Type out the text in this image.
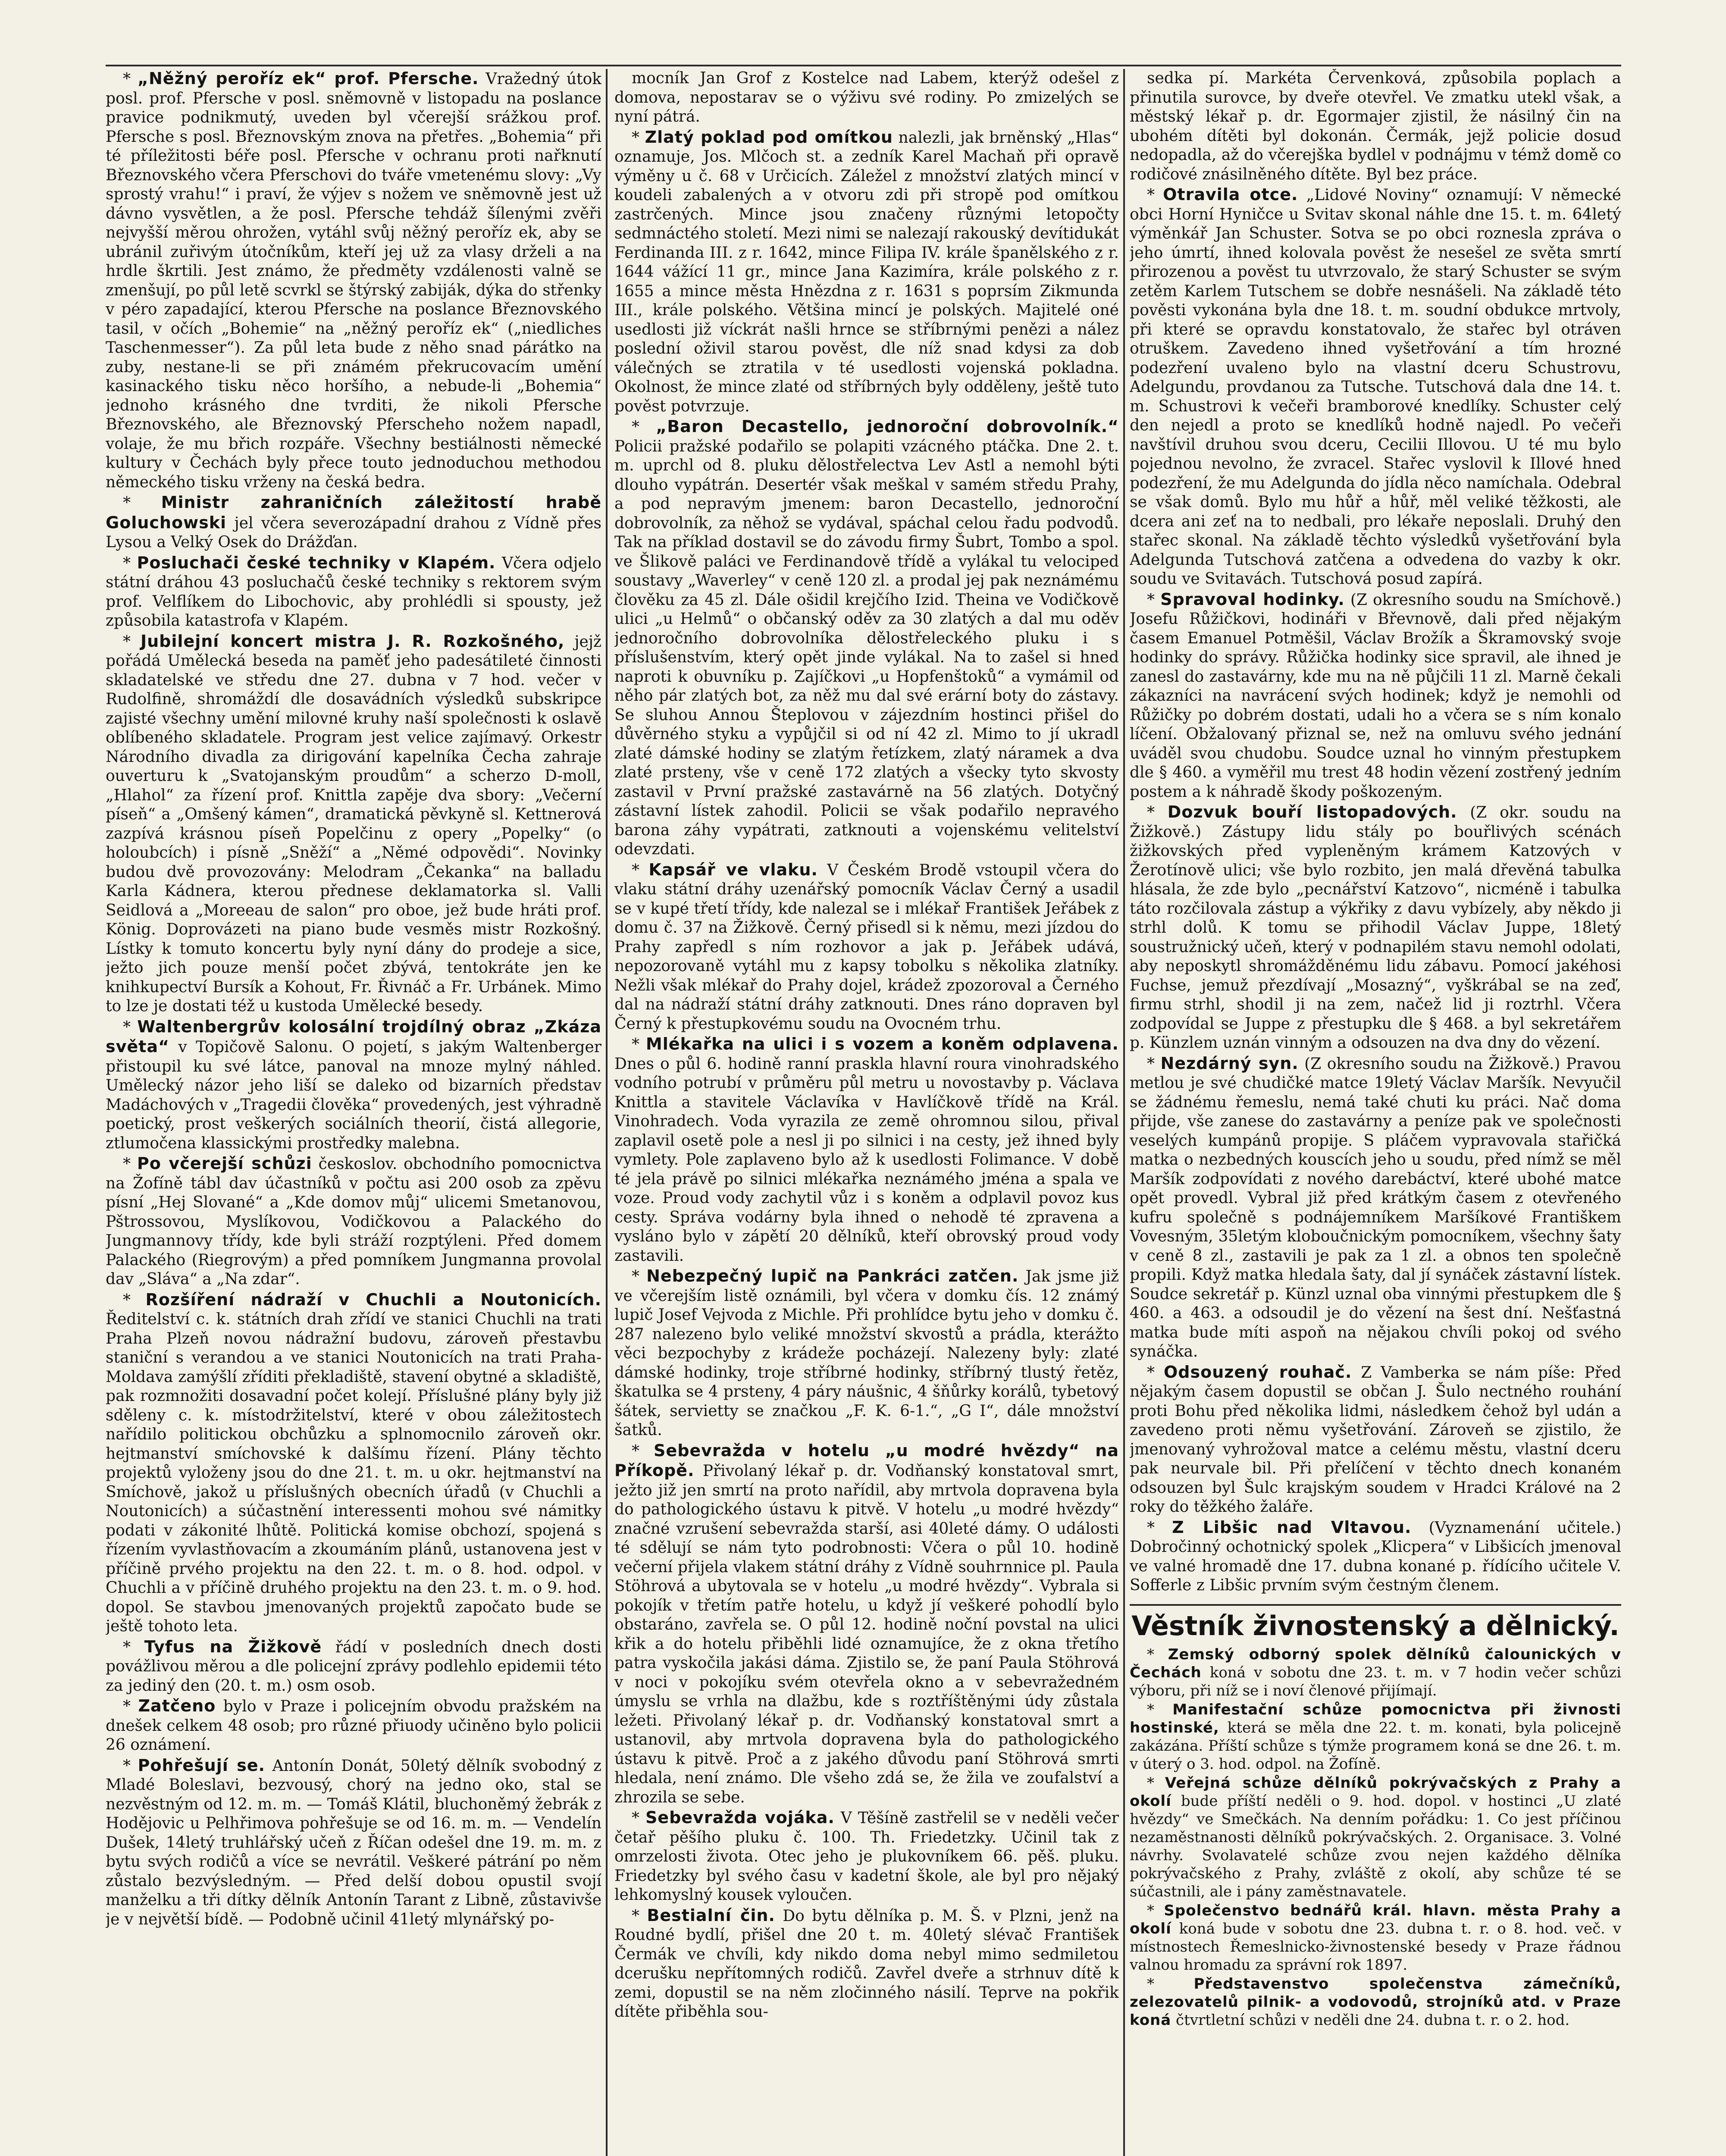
* „Něžný peroříz ek“ prof. Pfersche. Vražedný útok posl. prof. Pfersche v posl. sněmovně v listopadu na poslance pravice podnikmutý, uveden byl včerejší srážkou prof. Pfersche s posl. Březnovským znova na přetřes. „Bohemia“ při té příležitosti béře posl. Pfersche v ochranu proti nařknutí Březnovského včera Pferschovi do tváře vmetenému slovy: „Vy sprostý vrahu!“ i praví, že výjev s nožem ve sněmovně jest už dávno vysvětlen, a že posl. Pfersche tehdáž šílenými zvěři nejvyšší měrou ohrožen, vytáhl svůj něžný peroříz ek, aby se ubránil zuřivým útočníkům, kteří jej už za vlasy drželi a na hrdle škrtili. Jest známo, že předměty vzdálenosti valně se zmenšují, po půl letě scvrkl se štýrský zabiják, dýka do střenky v péro zapadající, kterou Pfersche na poslance Březnovského tasil, v očích „Bohemie“ na „něžný peroříz ek“ („niedliches Taschenmesser“). Za půl leta bude z něho snad párátko na zuby, nestane-li se při známém překrucovacím umění kasinackého tisku něco horšího, a nebude-li „Bohemia“ jednoho krásného dne tvrditi, že nikoli Pfersche Březnovského, ale Březnovský Pferscheho nožem napadl, volaje, že mu břich rozpáře. Všechny bestiálnosti německé kultury v Čechách byly přece touto jednoduchou methodou německého tisku vrženy na česká bedra.

* Ministr zahraničních záležitostí hrabě Goluchowski jel včera severozápadní drahou z Vídně přes Lysou a Velký Osek do Drážďan.

* Posluchači české techniky v Klapém. Včera odjelo státní dráhou 43 posluchačů české techniky s rektorem svým prof. Velflíkem do Libochovic, aby prohlédli si spousty, jež způsobila katastrofa v Klapém.

* Jubilejní koncert mistra J. R. Rozkošného, jejž pořádá Umělecká beseda na paměť jeho padesátileté činnosti skladatelské ve středu dne 27. dubna v 7 hod. večer v Rudolfině, shromáždí dle dosavádních výsledků subskripce zajisté všechny umění milovné kruhy naší společnosti k oslavě oblíbeného skladatele. Program jest velice zajímavý. Orkestr Národního divadla za dirigování kapelníka Čecha zahraje ouverturu k „Svatojanským proudům“ a scherzo D-moll, „Hlahol“ za řízení prof. Knittla zapěje dva sbory: „Večerní píseň“ a „Omšený kámen“, dramatická pěvkyně sl. Kettnerová zazpívá krásnou píseň Popelčinu z opery „Popelky“ (o holoubcích) i písně „Sněží“ a „Němé odpovědi“. Novinky budou dvě provozovány: Melodram „Čekanka“ na balladu Karla Kádnera, kterou přednese deklamatorka sl. Valli Seidlová a „Moreeau de salon“ pro oboe, jež bude hráti prof. König. Doprovázeti na piano bude vesměs mistr Rozkošný. Lístky k tomuto koncertu byly nyní dány do prodeje a sice, ježto jich pouze menší počet zbývá, tentokráte jen ke knihkupectví Bursík a Kohout, Fr. Řivnáč a Fr. Urbánek. Mimo to lze je dostati též u kustoda Umělecké besedy.

* Waltenbergrův kolosální trojdílný obraz „Zkáza světa“ v Topičově Salonu. O pojetí, s jakým Waltenberger přistoupil ku své látce, panoval na mnoze mylný náhled. Umělecký názor jeho liší se daleko od bizarních představ Madáchových v „Tragedii člověka“ provedených, jest výhradně poetický, prost veškerých sociálních theorií, čistá allegorie, ztlumočena klassickými prostředky malebna.

* Po včerejší schůzi českoslov. obchodního pomocnictva na Žofíně tábl dav účastníků v počtu asi 200 osob za zpěvu písní „Hej Slované“ a „Kde domov můj“ ulicemi Smetanovou, Pštrossovou, Myslíkovou, Vodičkovou a Palackého do Jungmannovy třídy, kde byli stráží rozptýleni. Před domem Palackého (Riegrovým) a před pomníkem Jungmanna provolal dav „Sláva“ a „Na zdar“.

* Rozšíření nádraží v Chuchli a Noutonicích. Ředitelství c. k. státních drah zřídí ve stanici Chuchli na trati Praha Plzeň novou nádražní budovu, zároveň přestavbu staniční s verandou a ve stanici Noutonicích na trati Praha-Moldava zamýšlí zříditi překladiště, stavení obytné a skladiště, pak rozmnožiti dosavadní počet kolejí. Příslušné plány byly již sděleny c. k. místodržitelství, které v obou záležitostech nařídilo politickou obchůzku a splnomocnilo zároveň okr. hejtmanství smíchovské k dalšímu řízení. Plány těchto projektů vyloženy jsou do dne 21. t. m. u okr. hejtmanství na Smíchově, jakož u příslušných obecních úřadů (v Chuchli a Noutonicích) a súčastnění interessenti mohou své námitky podati v zákonité lhůtě. Politická komise obchozí, spojená s řízením vyvlastňovacím a zkoumáním plánů, ustanovena jest v příčině prvého projektu na den 22. t. m. o 8. hod. odpol. v Chuchli a v příčině druhého projektu na den 23. t. m. o 9. hod. dopol. Se stavbou jmenovaných projektů započato bude se ještě tohoto leta.

* Tyfus na Žižkově řádí v posledních dnech dosti povážlivou měrou a dle policejní zprávy podlehlo epidemii této za jediný den (20. t. m.) osm osob.

* Zatčeno bylo v Praze i policejním obvodu pražském na dnešek celkem 48 osob; pro různé přiuody učiněno bylo policii 26 oznámení.

* Pohřešují se. Antonín Donát, 50letý dělník svobodný z Mladé Boleslavi, bezvousý, chorý na jedno oko, stal se nezvěstným od 12. m. m. — Tomáš Klátil, bluchoněmý žebrák z Hodějovic u Pelhřimova pohřešuje se od 16. m. m. — Vendelín Dušek, 14letý truhlářský učeň z Říčan odešel dne 19. m. m. z bytu svých rodičů a více se nevrátil. Veškeré pátrání po něm zůstalo bezvýsledným. — Před delší dobou opustil svojí manželku a tři dítky dělník Antonín Tarant z Libně, zůstavivše je v největší bídě. — Podobně učinil 41letý mlynářský po-

mocník Jan Grof z Kostelce nad Labem, kterýž odešel z domova, nepostarav se o výživu své rodiny. Po zmizelých se nyní pátrá.

* Zlatý poklad pod omítkou nalezli, jak brněnský „Hlas“ oznamuje, Jos. Mlčoch st. a zedník Karel Machaň při opravě výměny u č. 68 v Určicích. Záležel z množství zlatých mincí v koudeli zabalených a v otvoru zdi při stropě pod omítkou zastrčených. Mince jsou značeny různými letopočty sedmnáctého století. Mezi nimi se nalezají rakouský devítidukát Ferdinanda III. z r. 1642, mince Filipa IV. krále španělského z r. 1644 vážící 11 gr., mince Jana Kazimíra, krále polského z r. 1655 a mince města Hnězdna z r. 1631 s poprsím Zikmunda III., krále polského. Většina mincí je polských. Majitelé oné usedlosti již víckrát našli hrnce se stříbrnými penězi a nález poslední oživil starou pověst, dle níž snad kdysi za dob válečných se ztratila v té usedlosti vojenská pokladna. Okolnost, že mince zlaté od stříbrných byly odděleny, ještě tuto pověst potvrzuje.

* „Baron Decastello, jednoroční dobrovolník.“ Policii pražské podařilo se polapiti vzácného ptáčka. Dne 2. t. m. uprchl od 8. pluku dělostřelectva Lev Astl a nemohl býti dlouho vypátrán. Desertér však meškal v samém středu Prahy, a pod nepravým jmenem: baron Decastello, jednoroční dobrovolník, za něhož se vydával, spáchal celou řadu podvodů. Tak na příklad dostavil se do závodu firmy Šubrt, Tombo a spol. ve Šlikově paláci ve Ferdinandově třídě a vylákal tu velociped soustavy „Waverley“ v ceně 120 zl. a prodal jej pak neznámému člověku za 45 zl. Dále ošidil krejčího Izid. Theina ve Vodičkově ulici „u Helmů“ o občanský oděv za 30 zlatých a dal mu oděv jednoročního dobrovolníka dělostřeleckého pluku i s příslušenstvím, který opět jinde vylákal. Na to zašel si hned naproti k obuvníku p. Zajíčkovi „u Hopfenštoků“ a vymámil od něho pár zlatých bot, za něž mu dal své erární boty do zástavy. Se sluhou Annou Šteplovou v zájezdním hostinci přišel do důvěrného styku a vypůjčil si od ní 42 zl. Mimo to jí ukradl zlaté dámské hodiny se zlatým řetízkem, zlatý náramek a dva zlaté prsteny, vše v ceně 172 zlatých a všecky tyto skvosty zastavil v První pražské zastavárně na 56 zlatých. Dotyčný zástavní lístek zahodil. Policii se však podařilo nepravého barona záhy vypátrati, zatknouti a vojenskému velitelství odevzdati.

* Kapsář ve vlaku. V Českém Brodě vstoupil včera do vlaku státní dráhy uzenářský pomocník Václav Černý a usadil se v kupé třetí třídy, kde nalezal se i mlékař František Jeřábek z domu č. 37 na Žižkově. Černý přisedl si k němu, mezi jízdou do Prahy zapředl s ním rozhovor a jak p. Jeřábek udává, nepozorovaně vytáhl mu z kapsy tobolku s několika zlatníky. Nežli však mlékař do Prahy dojel, krádež zpozoroval a Černého dal na nádraží státní dráhy zatknouti. Dnes ráno dopraven byl Černý k přestupkovému soudu na Ovocném trhu.

* Mlékařka na ulici i s vozem a koněm odplavena. Dnes o půl 6. hodině ranní praskla hlavní roura vinohradského vodního potrubí v průměru půl metru u novostavby p. Václava Knittla a stavitele Václavíka v Havlíčkově třídě na Král. Vinohradech. Voda vyrazila ze země ohromnou silou, přival zaplavil osetě pole a nesl ji po silnici i na cesty, jež ihned byly vymlety. Pole zaplaveno bylo až k usedlosti Folimance. V době té jela právě po silnici mlékařka neznámého jména a spala ve voze. Proud vody zachytil vůz i s koněm a odplavil povoz kus cesty. Správa vodárny byla ihned o nehodě té zpravena a vysláno bylo v zápětí 20 dělníků, kteří obrovský proud vody zastavili.

* Nebezpečný lupič na Pankráci zatčen. Jak jsme již ve včerejším listě oznámili, byl včera v domku čís. 12 známý lupič Josef Vejvoda z Michle. Při prohlídce bytu jeho v domku č. 287 nalezeno bylo veliké množství skvostů a prádla, kterážto věci bezpochyby z krádeže pocházejí. Nalezeny byly: zlaté dámské hodinky, troje stříbrné hodinky, stříbrný tlustý řetěz, škatulka se 4 prsteny, 4 páry náušnic, 4 šňůrky korálů, tybetový šátek, servietty se značkou „F. K. 6-1.“, „G I“, dále množství šatků.

* Sebevražda v hotelu „u modré hvězdy“ na Příkopě. Přivolaný lékař p. dr. Vodňanský konstatoval smrt, ježto již jen smrtí na proto nařídil, aby mrtvola dopravena byla do pathologického ústavu k pitvě. V hotelu „u modré hvězdy“ značné vzrušení sebevražda starší, asi 40leté dámy. O události té sdělují se nám tyto podrobnosti: Včera o půl 10. hodině večerní přijela vlakem státní dráhy z Vídně souhrnnice pl. Paula Stöhrová a ubytovala se v hotelu „u modré hvězdy“. Vybrala si pokojík v třetím patře hotelu, u když jí veškeré pohodlí bylo obstaráno, zavřela se. O půl 12. hodině noční povstal na ulici křik a do hotelu přiběhli lidé oznamujíce, že z okna třetího patra vyskočila jakási dáma. Zjistilo se, že paní Paula Stöhrová v noci v pokojíku svém otevřela okno a v sebevražedném úmyslu se vrhla na dlažbu, kde s roztříštěnými údy zůstala ležeti. Přivolaný lékař p. dr. Vodňanský konstatoval smrt a ustanovil, aby mrtvola dopravena byla do pathologického ústavu k pitvě. Proč a z jakého důvodu paní Stöhrová smrti hledala, není známo. Dle všeho zdá se, že žila ve zoufalství a zhrozila se sebe.

* Sebevražda vojáka. V Těšíně zastřelil se v neděli večer četař pěšího pluku č. 100. Th. Friedetzky. Učinil tak z omrzelosti života. Otec jeho je plukovníkem 66. pěš. pluku. Friedetzky byl svého času v kadetní škole, ale byl pro nějaký lehkomyslný kousek vyloučen.

* Bestialní čin. Do bytu dělníka p. M. Š. v Plzni, jenž na Roudné bydlí, přišel dne 20 t. m. 40letý slévač František Čermák ve chvíli, kdy nikdo doma nebyl mimo sedmiletou dcerušku nepřítomných rodičů. Zavřel dveře a strhnuv dítě k zemi, dopustil se na něm zločinného násilí. Teprve na pokřik dítěte přiběhla sou-

sedka pí. Markéta Červenková, způsobila poplach a přinutila surovce, by dveře otevřel. Ve zmatku utekl však, a městský lékař p. dr. Egormajer zjistil, že násilný čin na ubohém dítěti byl dokonán. Čermák, jejž policie dosud nedopadla, až do včerejška bydlel v podnájmu v témž domě co rodičové znásilněného dítěte. Byl bez práce.

* Otravila otce. „Lidové Noviny“ oznamují: V německé obci Horní Hyničce u Svitav skonal náhle dne 15. t. m. 64letý výměnkář Jan Schuster. Sotva se po obci roznesla zpráva o jeho úmrtí, ihned kolovala pověst že nesešel ze světa smrtí přirozenou a pověst tu utvrzovalo, že starý Schuster se svým zetěm Karlem Tutschem se dobře nesnášeli. Na základě této pověsti vykonána byla dne 18. t. m. soudní obdukce mrtvoly, při které se opravdu konstatovalo, že stařec byl otráven otruškem. Zavedeno ihned vyšetřování a tím hrozné podezření uvaleno bylo na vlastní dceru Schustrovu, Adelgundu, provdanou za Tutsche. Tutschová dala dne 14. t. m. Schustrovi k večeři bramborové knedlíky. Schuster celý den nejedl a proto se knedlíků hodně najedl. Po večeři navštívil druhou svou dceru, Cecilii Illovou. U té mu bylo pojednou nevolno, že zvracel. Stařec vyslovil k Illové hned podezření, že mu Adelgunda do jídla něco namíchala. Odebral se však domů. Bylo mu hůř a hůř, měl veliké těžkosti, ale dcera ani zeť na to nedbali, pro lékaře neposlali. Druhý den stařec skonal. Na základě těchto výsledků vyšetřování byla Adelgunda Tutschová zatčena a odvedena do vazby k okr. soudu ve Svitavách. Tutschová posud zapírá.

* Spravoval hodinky. (Z okresního soudu na Smíchově.) Josefu Růžičkovi, hodináři v Břevnově, dali před nějakým časem Emanuel Potměšil, Václav Brožík a Škramovský svoje hodinky do správy. Růžička hodinky sice spravil, ale ihned je zanesl do zastavárny, kde mu na ně půjčili 11 zl. Marně čekali zákazníci na navrácení svých hodinek; když je nemohli od Růžičky po dobrém dostati, udali ho a včera se s ním konalo líčení. Obžalovaný přiznal se, než na omluvu svého jednání uváděl svou chudobu. Soudce uznal ho vinným přestupkem dle § 460. a vyměřil mu trest 48 hodin vězení zostřený jedním postem a k náhradě škody poškozeným.

* Dozvuk bouří listopadových. (Z okr. soudu na Žižkově.) Zástupy lidu stály po bouřlivých scénách žižkovských před vypleněným krámem Katzových v Žerotínově ulici; vše bylo rozbito, jen malá dřevěná tabulka hlásala, že zde bylo „pecnářství Katzovo“, nicméně i tabulka táto rozčilovala zástup a výkřiky z davu vybízely, aby někdo ji strhl dolů. K tomu se přihodil Václav Juppe, 18letý soustružnický učeň, který v podnapilém stavu nemohl odolati, aby neposkytl shromážděnému lidu zábavu. Pomocí jakéhosi Fuchse, jemuž přezdívají „Mosazný“, vyškrábal se na zeď, firmu strhl, shodil ji na zem, načež lid ji roztrhl. Včera zodpovídal se Juppe z přestupku dle § 468. a byl sekretářem p. Künzlem uznán vinným a odsouzen na dva dny do vězení.

* Nezdárný syn. (Z okresního soudu na Žižkově.) Pravou metlou je své chudičké matce 19letý Václav Maršík. Nevyučil se žádnému řemeslu, nemá také chuti ku práci. Nač doma přijde, vše zanese do zastavárny a peníze pak ve společnosti veselých kumpánů propije. S pláčem vypravovala stařičká matka o nezbedných kouscích jeho u soudu, před nímž se měl Maršík zodpovídati z nového darebáctví, které ubohé matce opět provedl. Vybral již před krátkým časem z otevřeného kufru společně s podnájemníkem Maršíkové Františkem Vovesným, 35letým kloboučnickým pomocníkem, všechny šaty v ceně 8 zl., zastavili je pak za 1 zl. a obnos ten společně propili. Když matka hledala šaty, dal jí synáček zástavní lístek. Soudce sekretář p. Künzl uznal oba vinnými přestupkem dle § 460. a 463. a odsoudil je do vězení na šest dní. Nešťastná matka bude míti aspoň na nějakou chvíli pokoj od svého synáčka.

* Odsouzený rouhač. Z Vamberka se nám píše: Před nějakým časem dopustil se občan J. Šulo nectného rouhání proti Bohu před několika lidmi, následkem čehož byl udán a zavedeno proti němu vyšetřování. Zároveň se zjistilo, že jmenovaný vyhrožoval matce a celému městu, vlastní dceru pak neurvale bil. Při přelíčení v těchto dnech konaném odsouzen byl Šulc krajským soudem v Hradci Králové na 2 roky do těžkého žaláře.

* Z Libšic nad Vltavou. (Vyznamenání učitele.) Dobročinný ochotnický spolek „Klicpera“ v Libšicích jmenoval ve valné hromadě dne 17. dubna konané p. řídícího učitele V. Sofferle z Libšic prvním svým čestným členem.

Věstník živnostenský a dělnický.

* Zemský odborný spolek dělníků čalounických v Čechách koná v sobotu dne 23. t. m. v 7 hodin večer schůzi výboru, při níž se i noví členové přijímají.

* Manifestační schůze pomocnictva při živnosti hostinské, která se měla dne 22. t. m. konati, byla policejně zakázána. Příští schůze s týmže programem koná se dne 26. t. m. v úterý o 3. hod. odpol. na Žofíně.

* Veřejná schůze dělníků pokrývačských z Prahy a okolí bude příští neděli o 9. hod. dopol. v hostinci „U zlaté hvězdy“ ve Smečkách. Na denním pořádku: 1. Co jest příčinou nezaměstnanosti dělníků pokrývačských. 2. Organisace. 3. Volné návrhy. Svolavatelé schůze zvou nejen každého dělníka pokrývačského z Prahy, zvláště z okolí, aby schůze té se súčastnili, ale i pány zaměstnavatele.

* Společenstvo bednářů král. hlavn. města Prahy a okolí koná bude v sobotu dne 23. dubna t. r. o 8. hod. več. v místnostech Řemeslnicko-živnostenské besedy v Praze řádnou valnou hromadu za správní rok 1897.

* Představenstvo společenstva zámečníků, zelezovatelů pilnik- a vodovodů, strojníků atd. v Praze koná čtvrtletní schůzi v neděli dne 24. dubna t. r. o 2. hod.
